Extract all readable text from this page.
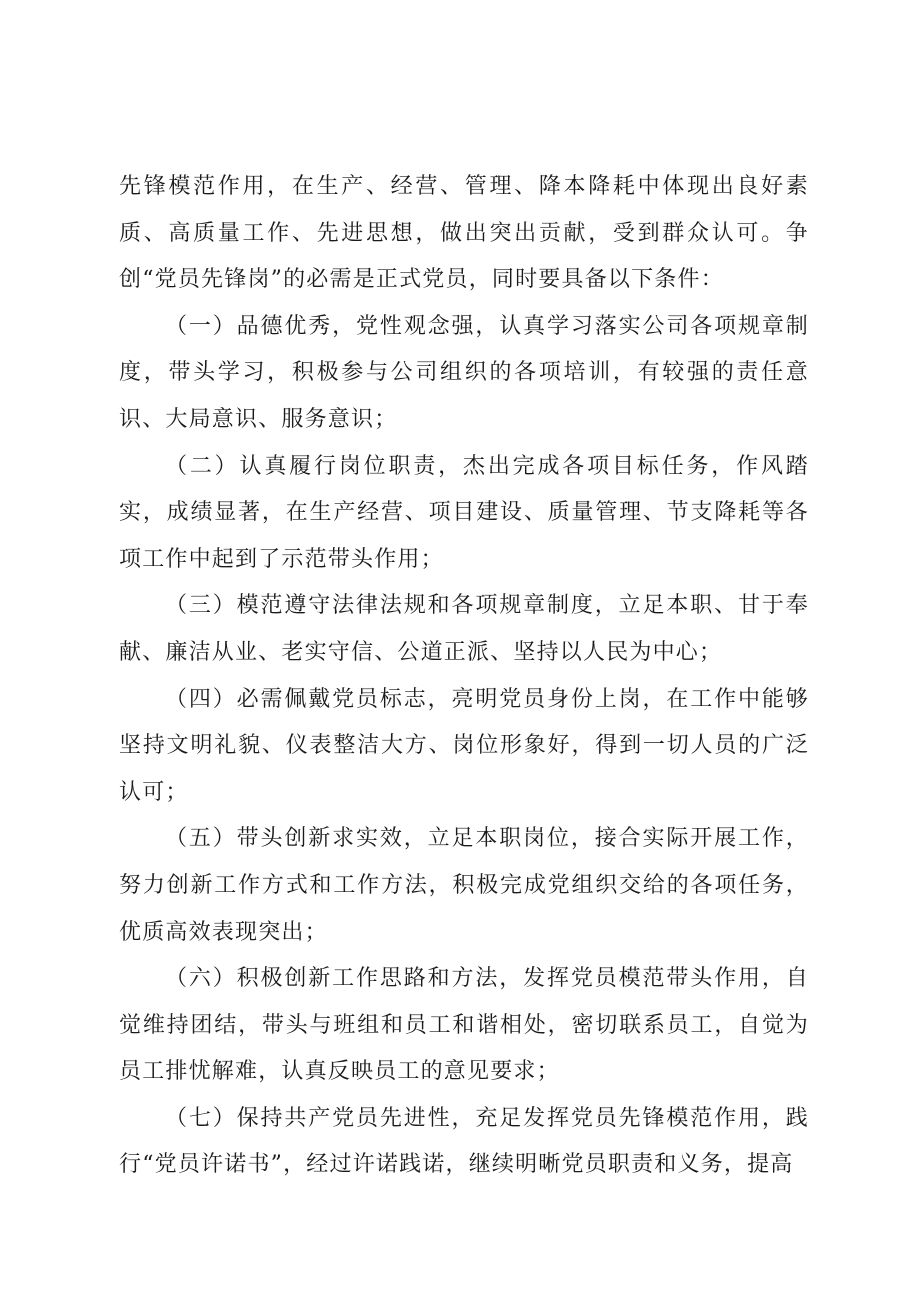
先锋模范作用，在生产、经营、管理、降本降耗中体现出良好素质、高质量工作、先进思想，做出突出贡献，受到群众认可。争创“党员先锋岗”的必需是正式党员，同时要具备以下条件：

（一）品德优秀，党性观念强，认真学习落实公司各项规章制度，带头学习，积极参与公司组织的各项培训，有较强的责任意识、大局意识、服务意识；

（二）认真履行岗位职责，杰出完成各项目标任务，作风踏实，成绩显著，在生产经营、项目建设、质量管理、节支降耗等各项工作中起到了示范带头作用；

（三）模范遵守法律法规和各项规章制度，立足本职、甘于奉献、廉洁从业、老实守信、公道正派、坚持以人民为中心；

（四）必需佩戴党员标志，亮明党员身份上岗，在工作中能够坚持文明礼貌、仪表整洁大方、岗位形象好，得到一切人员的广泛认可；

（五）带头创新求实效，立足本职岗位，接合实际开展工作，努力创新工作方式和工作方法，积极完成党组织交给的各项任务，优质高效表现突出；

（六）积极创新工作思路和方法，发挥党员模范带头作用，自觉维持团结，带头与班组和员工和谐相处，密切联系员工，自觉为员工排忧解难，认真反映员工的意见要求；

（七）保持共产党员先进性，充足发挥党员先锋模范作用，践行“党员许诺书”，经过许诺践诺，继续明晰党员职责和义务，提高
